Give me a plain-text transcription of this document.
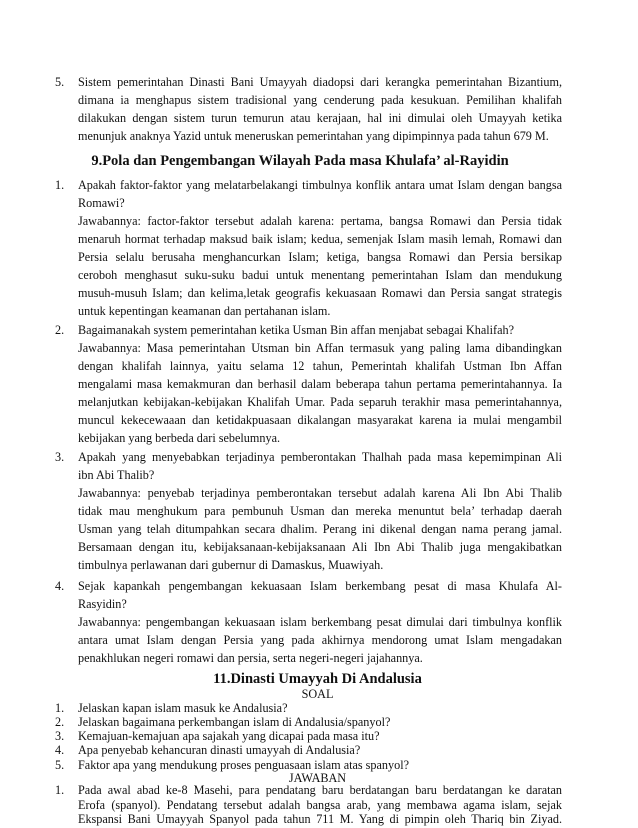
5.	Sistem pemerintahan Dinasti Bani Umayyah diadopsi dari kerangka pemerintahan Bizantium,
dimana ia menghapus sistem tradisional yang cenderung pada kesukuan. Pemilihan khalifah
dilakukan dengan sistem turun temurun atau kerajaan, hal ini dimulai oleh Umayyah ketika
menunjuk anaknya Yazid untuk meneruskan pemerintahan yang dipimpinnya pada tahun 679 M.
9.Pola dan Pengembangan Wilayah Pada masa Khulafa’ al-Rayidin
1.	Apakah faktor-faktor yang melatarbelakangi timbulnya konflik antara umat Islam dengan bangsa
Romawi?
Jawabannya: factor-faktor tersebut adalah karena: pertama, bangsa Romawi dan Persia tidak
menaruh hormat terhadap maksud baik islam; kedua, semenjak Islam masih lemah, Romawi dan
Persia selalu berusaha menghancurkan Islam; ketiga, bangsa Romawi dan Persia bersikap
ceroboh menghasut suku-suku badui untuk menentang pemerintahan Islam dan mendukung
musuh-musuh Islam; dan kelima,letak geografis kekuasaan Romawi dan Persia sangat strategis
untuk kepentingan keamanan dan pertahanan islam.
2.	Bagaimanakah system pemerintahan ketika Usman Bin affan menjabat sebagai Khalifah?
Jawabannya: Masa pemerintahan Utsman bin Affan termasuk yang paling lama dibandingkan
dengan khalifah lainnya, yaitu selama 12 tahun, Pemerintah khalifah Ustman Ibn Affan
mengalami masa kemakmuran dan berhasil dalam beberapa tahun pertama pemerintahannya. Ia
melanjutkan kebijakan-kebijakan Khalifah Umar. Pada separuh terakhir masa pemerintahannya,
muncul kekecewaaan dan ketidakpuasaan dikalangan masyarakat karena ia mulai mengambil
kebijakan yang berbeda dari sebelumnya.
3.	Apakah yang menyebabkan terjadinya pemberontakan Thalhah pada masa kepemimpinan Ali
ibn Abi Thalib?
Jawabannya: penyebab terjadinya pemberontakan tersebut adalah karena Ali Ibn Abi Thalib
tidak mau menghukum para pembunuh Usman dan mereka menuntut bela’ terhadap daerah
Usman yang telah ditumpahkan secara dhalim. Perang ini dikenal dengan nama perang jamal.
Bersamaan dengan itu, kebijaksanaan-kebijaksanaan Ali Ibn Abi Thalib juga mengakibatkan
timbulnya perlawanan dari gubernur di Damaskus, Muawiyah.
4.	Sejak kapankah pengembangan kekuasaan Islam berkembang pesat di masa Khulafa Al-
Rasyidin?
Jawabannya: pengembangan kekuasaan islam berkembang pesat dimulai dari timbulnya konflik
antara umat Islam dengan Persia yang pada akhirnya mendorong umat Islam mengadakan
penakhlukan negeri romawi dan persia, serta negeri-negeri jajahannya.
11.Dinasti Umayyah Di Andalusia
SOAL
1.	Jelaskan kapan islam masuk ke Andalusia?
2.	Jelaskan bagaimana perkembangan islam di Andalusia/spanyol?
3.	Kemajuan-kemajuan apa sajakah yang dicapai pada masa itu?
4.	Apa penyebab kehancuran dinasti umayyah di Andalusia?
5.	Faktor apa yang mendukung proses penguasaan islam atas spanyol?
JAWABAN
1.	Pada awal abad ke-8 Masehi, para pendatang baru berdatangan baru berdatangan ke daratan
Erofa (spanyol). Pendatang tersebut adalah bangsa arab, yang membawa agama islam, sejak
Ekspansi Bani Umayyah Spanyol pada tahun 711 M. Yang di pimpin oleh Thariq bin Ziyad.
